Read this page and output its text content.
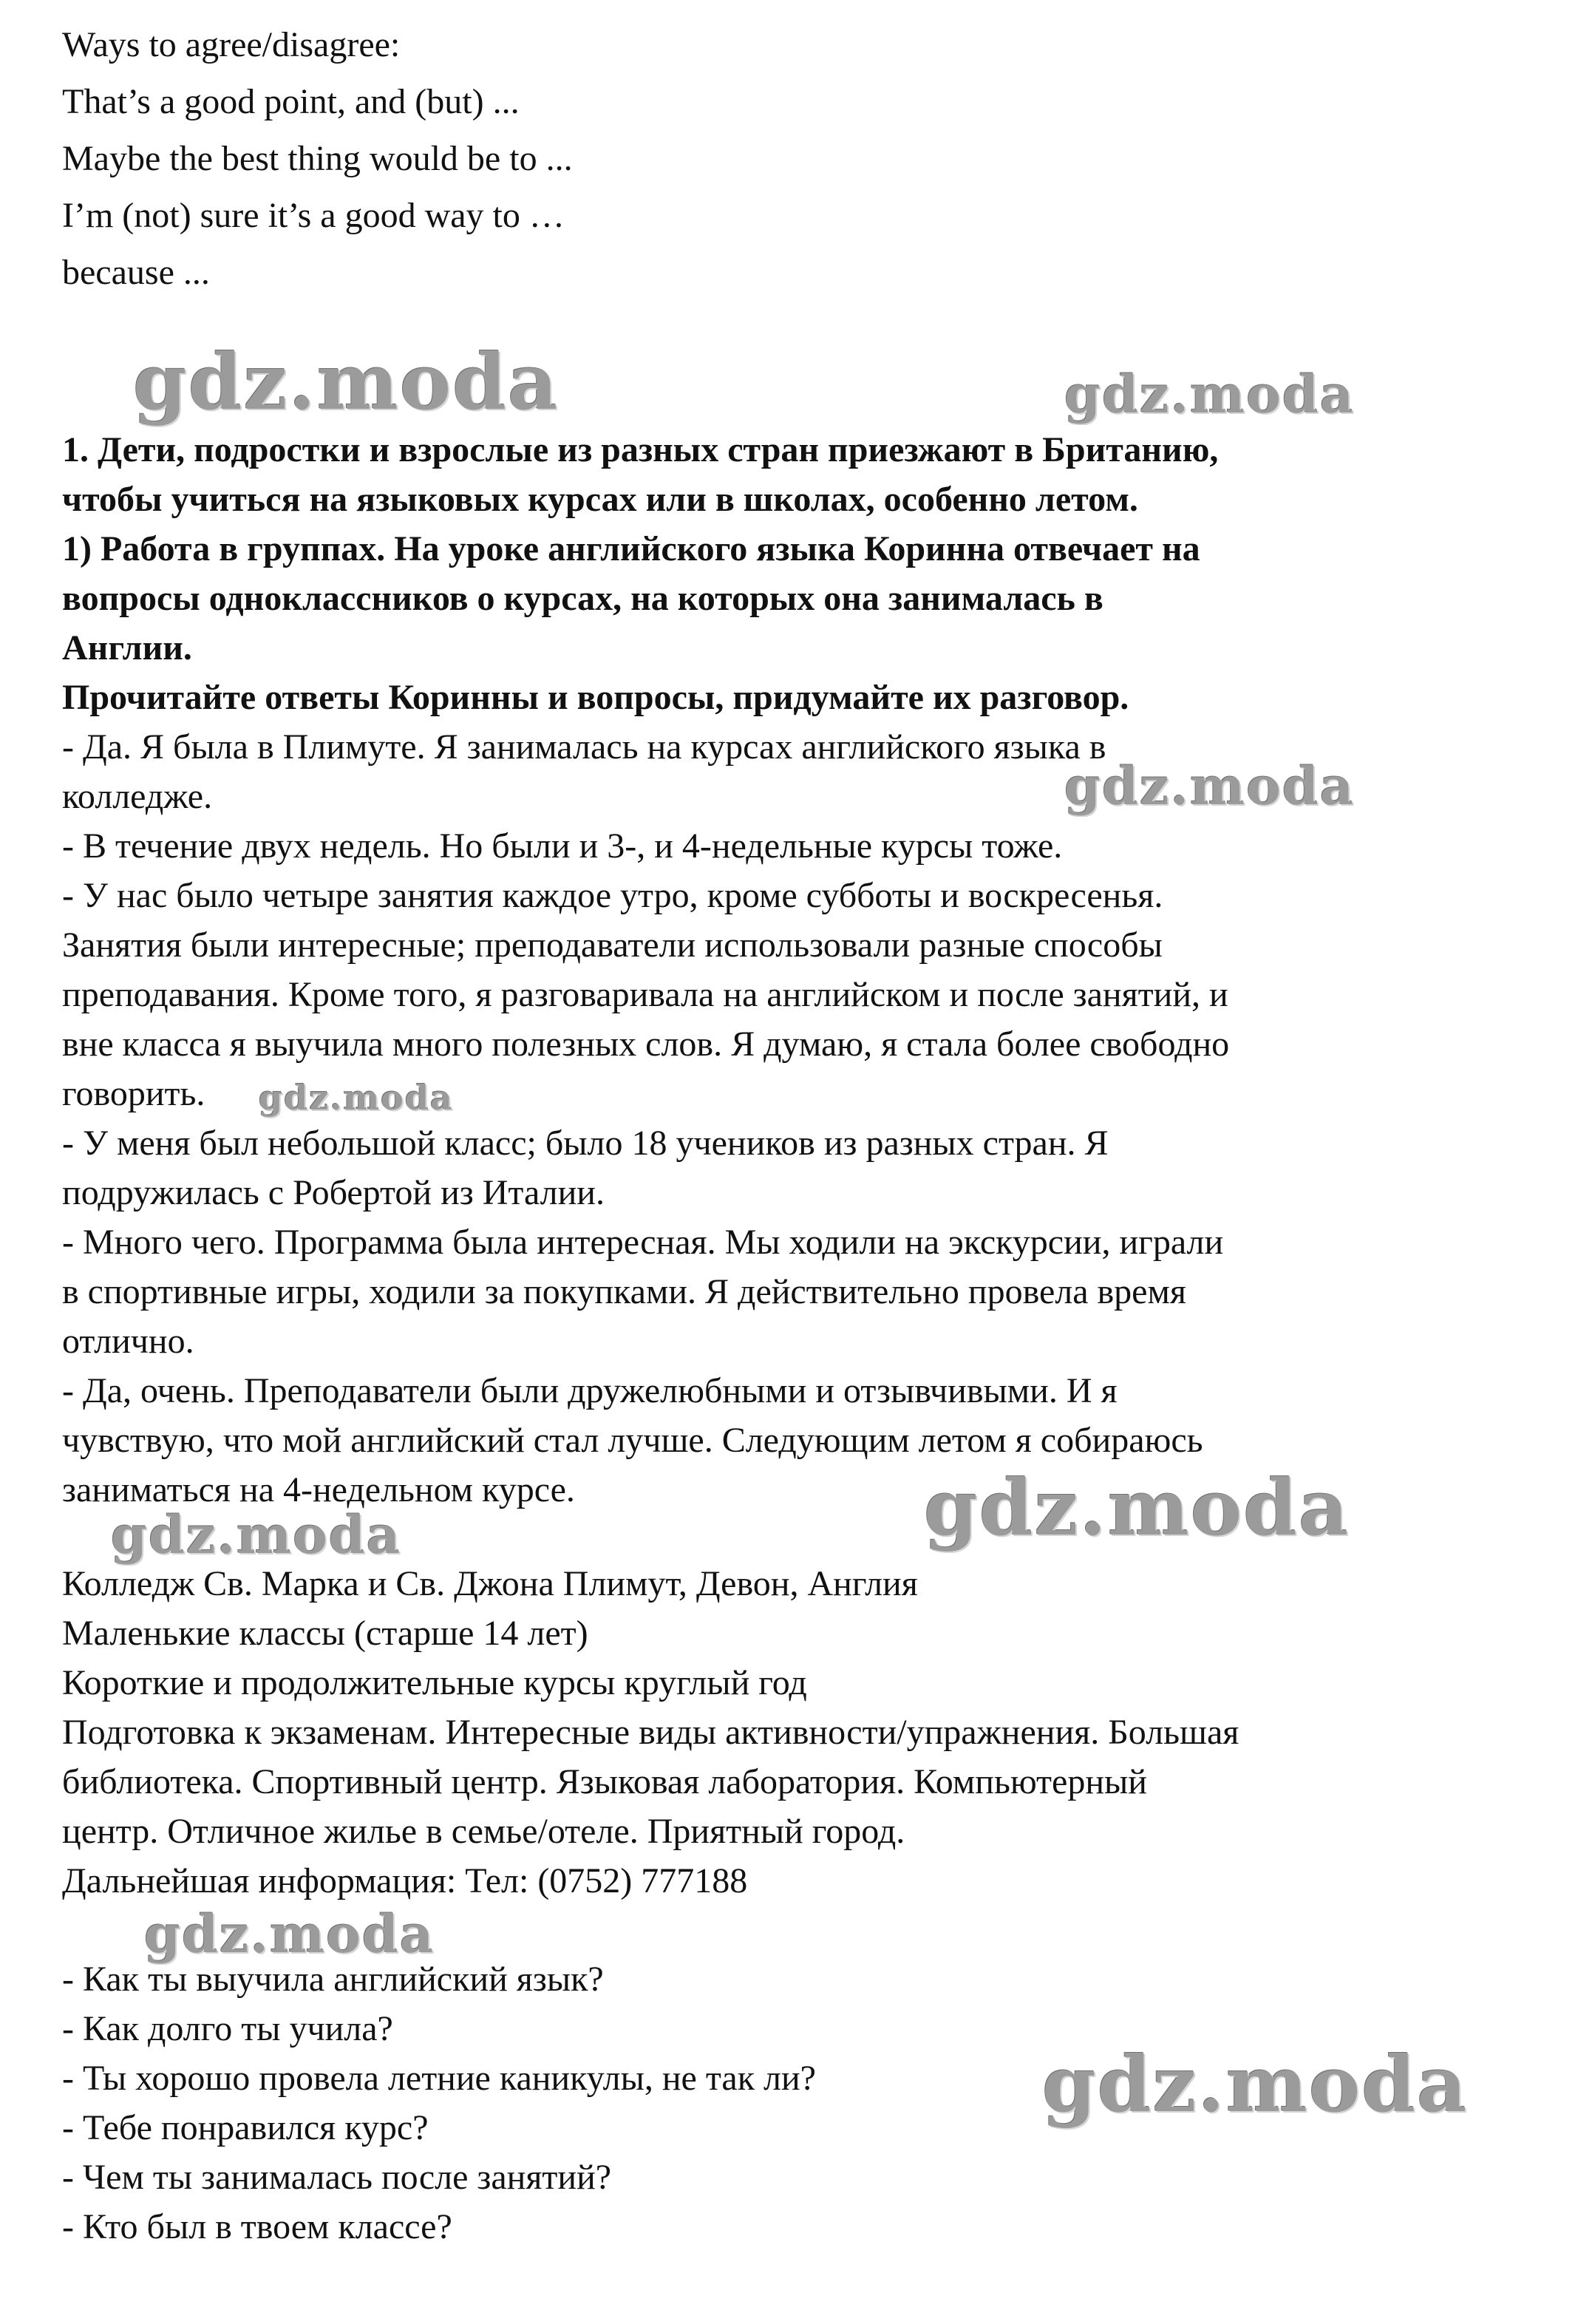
Ways to agree/disagree:
That’s a good point, and (but) ...
Maybe the best thing would be to ...
I’m (not) sure it’s a good way to …
because ...
1. Дети, подростки и взрослые из разных стран приезжают в Британию,
чтобы учиться на языковых курсах или в школах, особенно летом.
1) Работа в группах. На уроке английского языка Коринна отвечает на
вопросы одноклассников о курсах, на которых она занималась в
Англии.
Прочитайте ответы Коринны и вопросы, придумайте их разговор.
- Да. Я была в Плимуте. Я занималась на курсах английского языка в
колледже.
- В течение двух недель. Но были и 3-, и 4-недельные курсы тоже.
- У нас было четыре занятия каждое утро, кроме субботы и воскресенья.
Занятия были интересные; преподаватели использовали разные способы
преподавания. Кроме того, я разговаривала на английском и после занятий, и
вне класса я выучила много полезных слов. Я думаю, я стала более свободно
говорить.
- У меня был небольшой класс; было 18 учеников из разных стран. Я
подружилась с Робертой из Италии.
- Много чего. Программа была интересная. Мы ходили на экскурсии, играли
в спортивные игры, ходили за покупками. Я действительно провела время
отлично.
- Да, очень. Преподаватели были дружелюбными и отзывчивыми. И я
чувствую, что мой английский стал лучше. Следующим летом я собираюсь
заниматься на 4-недельном курсе.
Колледж Св. Марка и Св. Джона Плимут, Девон, Англия
Маленькие классы (старше 14 лет)
Короткие и продолжительные курсы круглый год
Подготовка к экзаменам. Интересные виды активности/упражнения. Большая
библиотека. Спортивный центр. Языковая лаборатория. Компьютерный
центр. Отличное жилье в семье/отеле. Приятный город.
Дальнейшая информация: Тел: (0752) 777188
- Как ты выучила английский язык?
- Как долго ты учила?
- Ты хорошо провела летние каникулы, не так ли?
- Тебе понравился курс?
- Чем ты занималась после занятий?
- Кто был в твоем классе?
gdz.moda	gdz.moda
gdz.moda
gdz.moda
gdz.moda
gdz.moda
gdz.moda
gdz.moda
